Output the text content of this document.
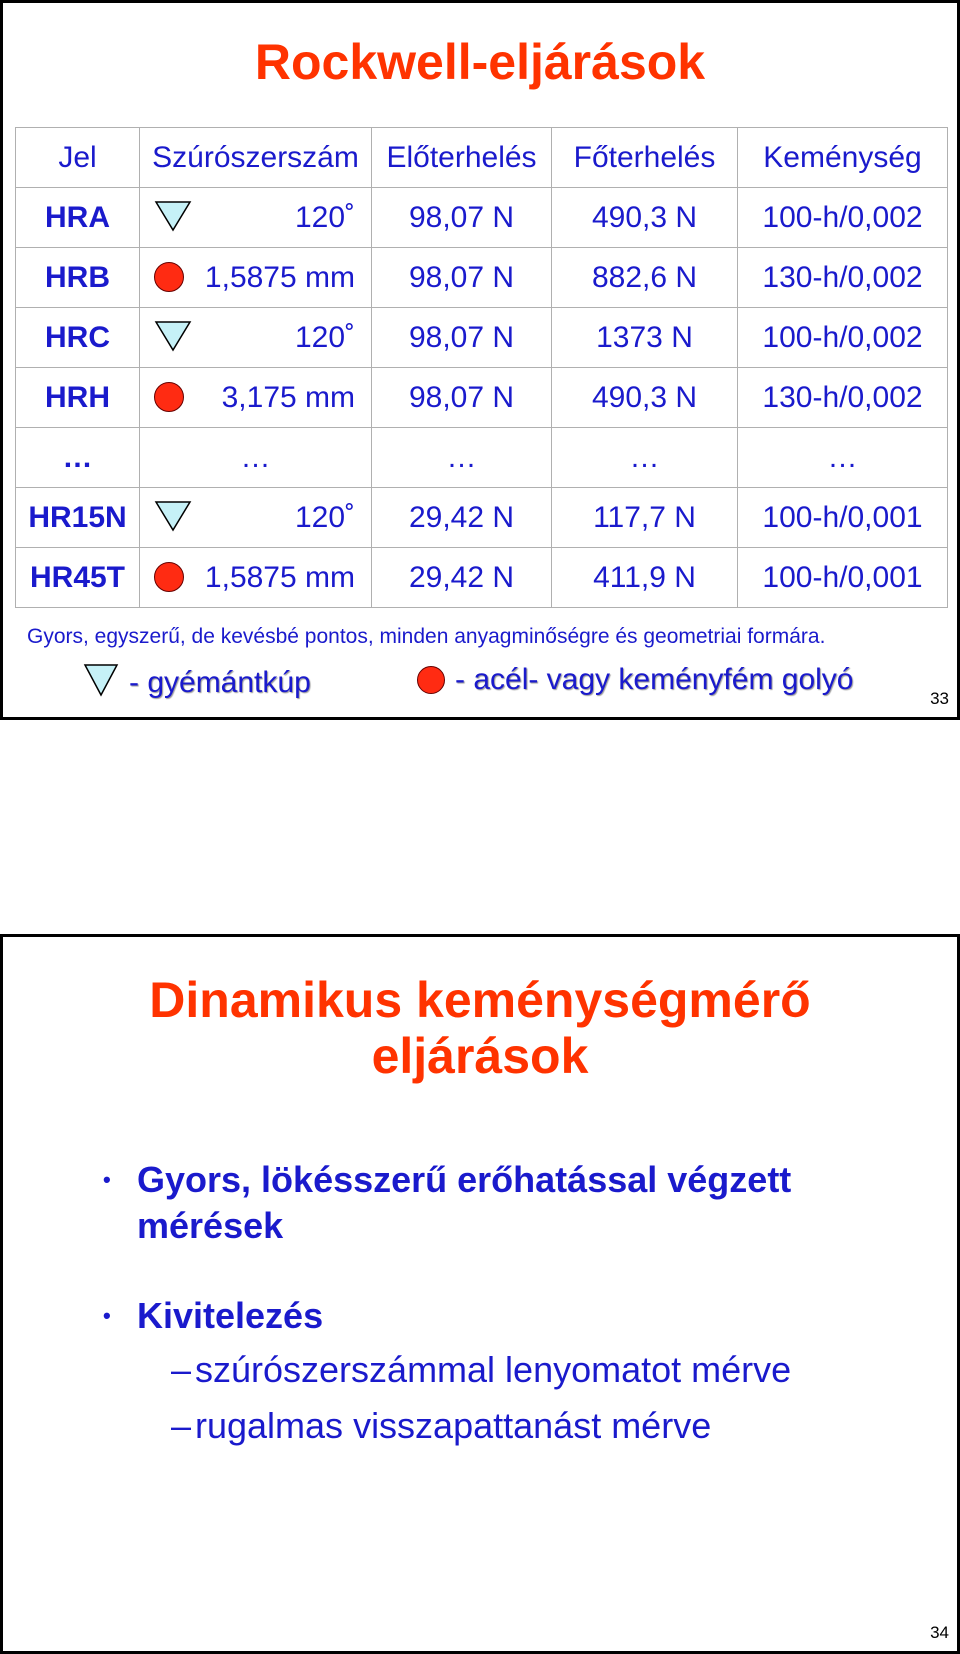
Rockwell-eljárások
Jel	Szúrószerszám	Előterhelés	Főterhelés	Keménység
HRA	120˚	98,07 N	490,3 N	100-h/0,002
HRB	1,5875 mm	98,07 N	882,6 N	130-h/0,002
HRC	120˚	98,07 N	1373 N	100-h/0,002
HRH	3,175 mm	98,07 N	490,3 N	130-h/0,002
…	…	…	…	…
HR15N	120˚	29,42 N	117,7 N	100-h/0,001
HR45T	1,5875 mm	29,42 N	411,9 N	100-h/0,001
Gyors, egyszerű, de kevésbé pontos, minden anyagminőségre és geometriai formára.
- gyémántkúp	- acél- vagy keményfém golyó
33
Dinamikus keménységmérő
eljárások
• Gyors, lökésszerű erőhatással végzett mérések
• Kivitelezés
– szúrószerszámmal lenyomatot mérve
– rugalmas visszapattanást mérve
34
